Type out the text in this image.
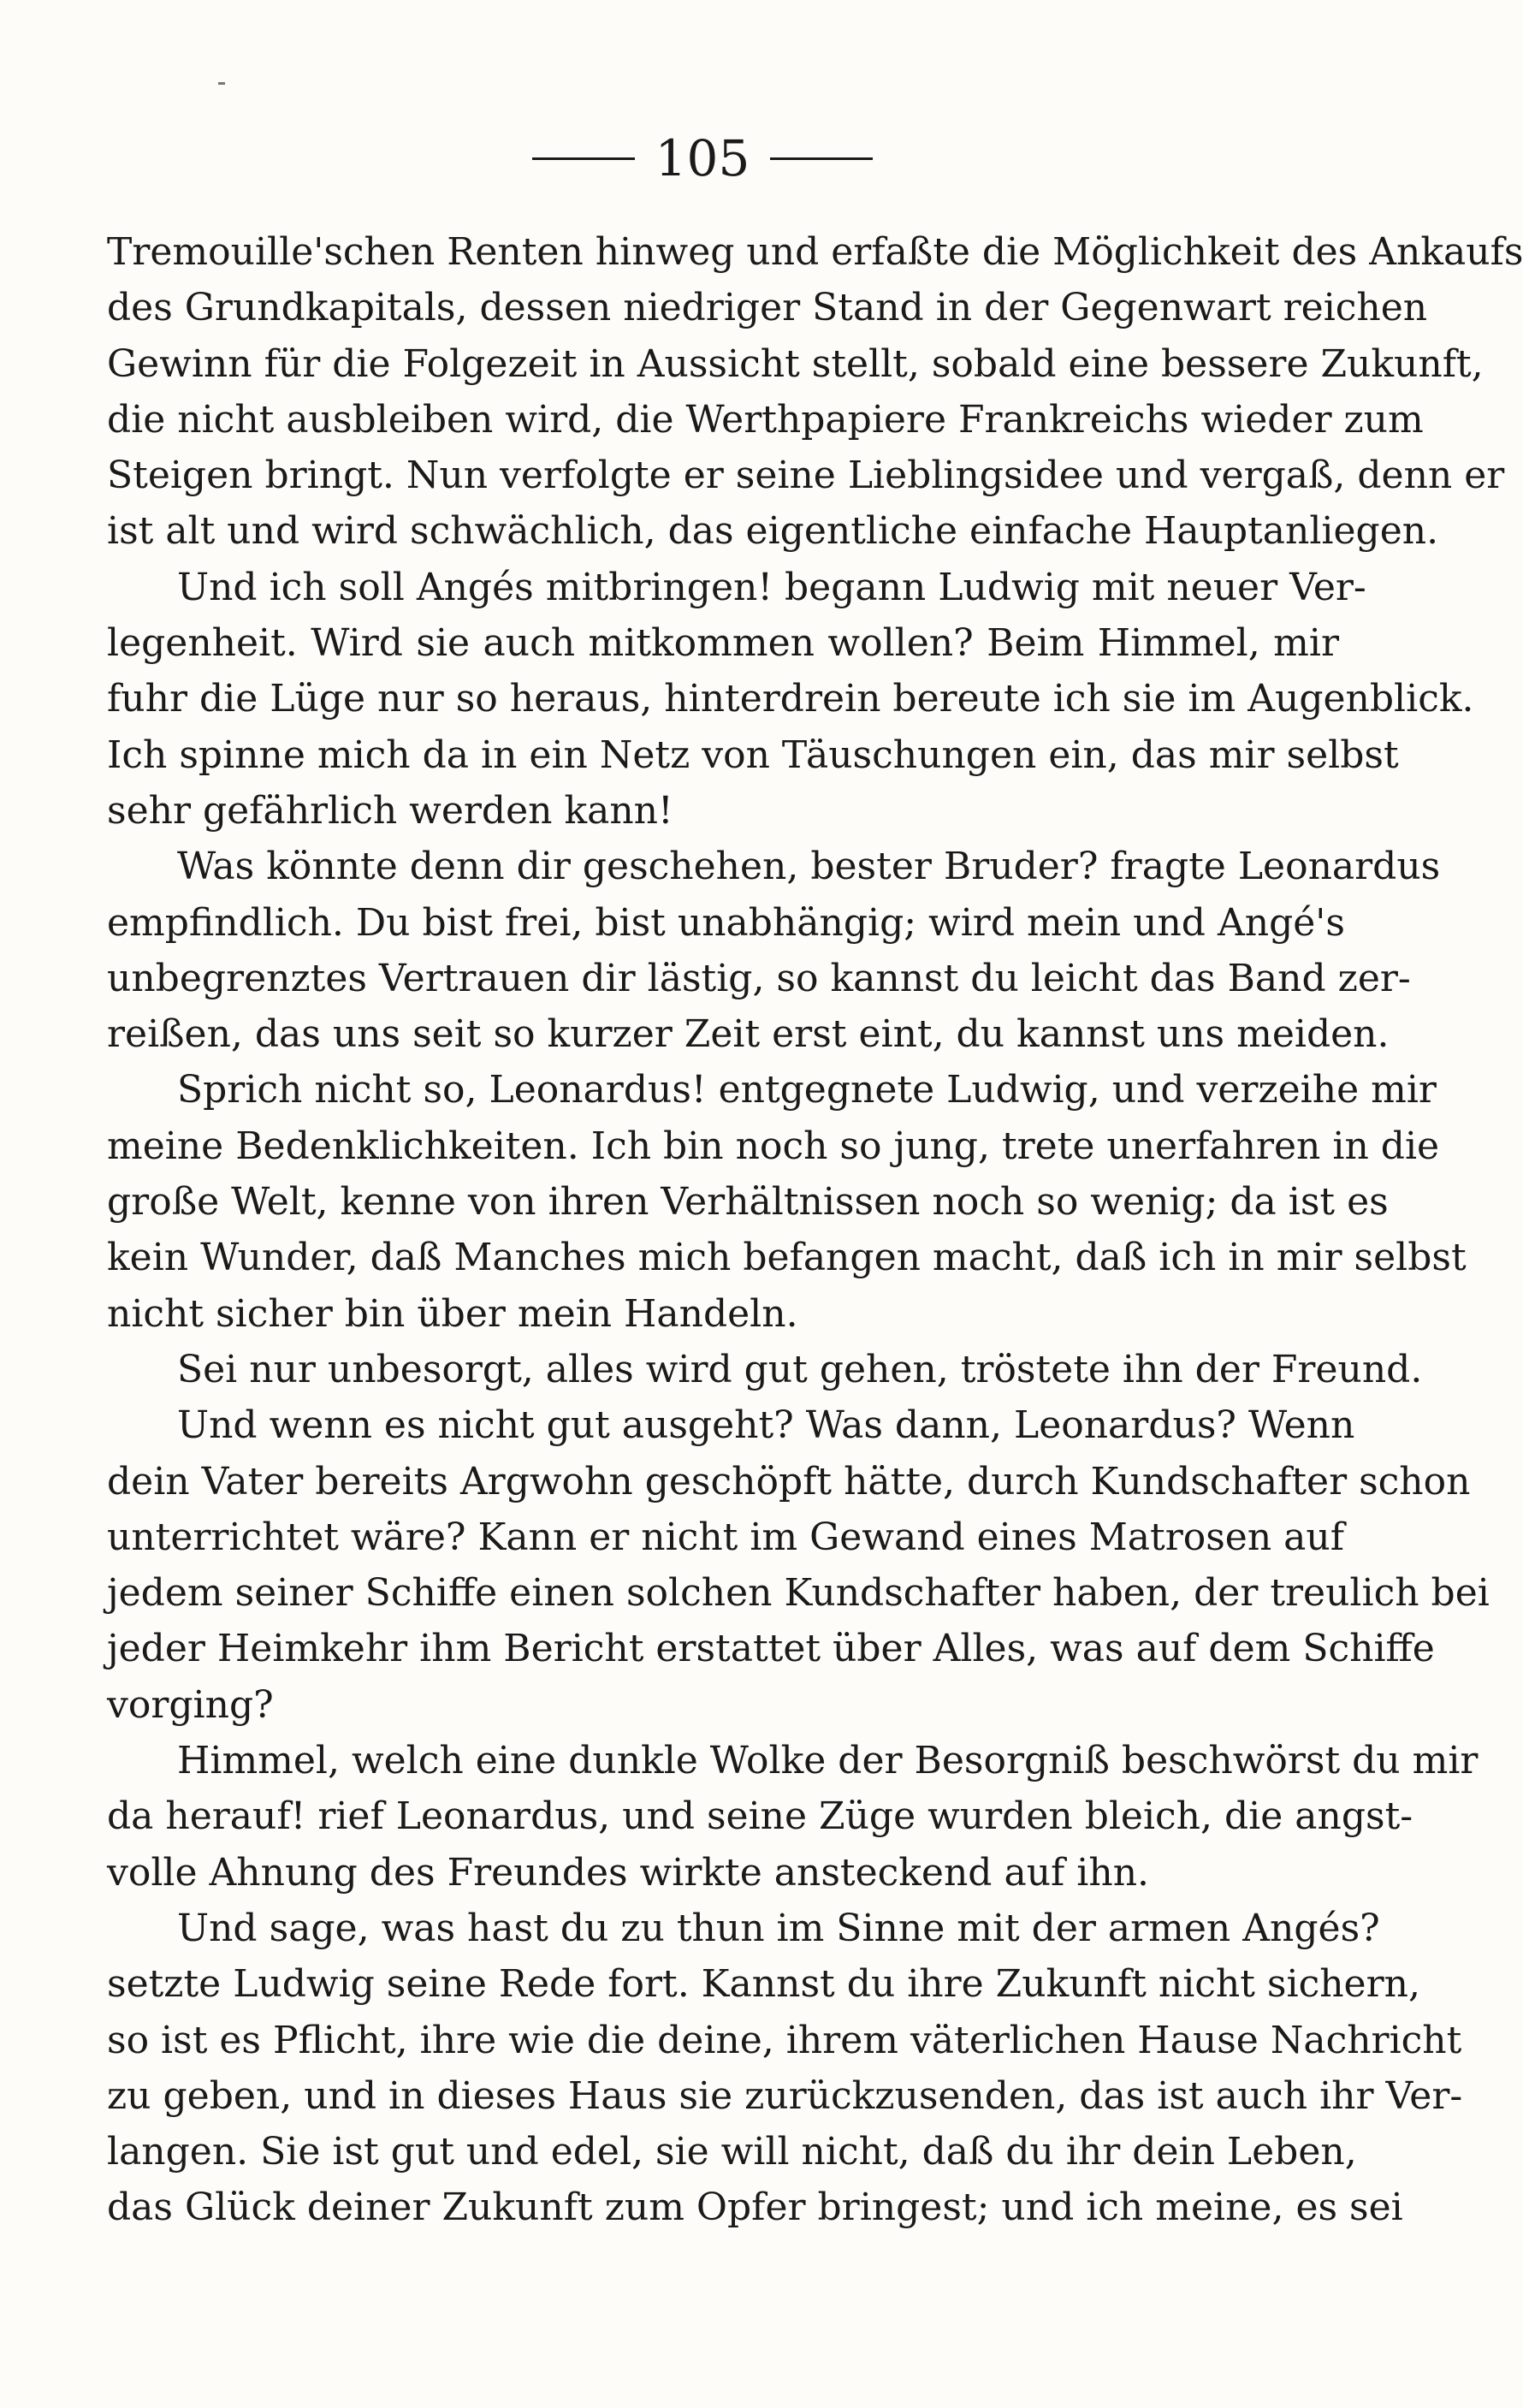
105

Tremouille'schen Renten hinweg und erfaßte die Möglichkeit des Ankaufs
des Grundkapitals, dessen niedriger Stand in der Gegenwart reichen
Gewinn für die Folgezeit in Aussicht stellt, sobald eine bessere Zukunft,
die nicht ausbleiben wird, die Werthpapiere Frankreichs wieder zum
Steigen bringt. Nun verfolgte er seine Lieblingsidee und vergaß, denn er
ist alt und wird schwächlich, das eigentliche einfache Hauptanliegen.

Und ich soll Angés mitbringen! begann Ludwig mit neuer Ver-
legenheit. Wird sie auch mitkommen wollen? Beim Himmel, mir
fuhr die Lüge nur so heraus, hinterdrein bereute ich sie im Augenblick.
Ich spinne mich da in ein Netz von Täuschungen ein, das mir selbst
sehr gefährlich werden kann!

Was könnte denn dir geschehen, bester Bruder? fragte Leonardus
empfindlich. Du bist frei, bist unabhängig; wird mein und Angé's
unbegrenztes Vertrauen dir lästig, so kannst du leicht das Band zer-
reißen, das uns seit so kurzer Zeit erst eint, du kannst uns meiden.

Sprich nicht so, Leonardus! entgegnete Ludwig, und verzeihe mir
meine Bedenklichkeiten. Ich bin noch so jung, trete unerfahren in die
große Welt, kenne von ihren Verhältnissen noch so wenig; da ist es
kein Wunder, daß Manches mich befangen macht, daß ich in mir selbst
nicht sicher bin über mein Handeln.

Sei nur unbesorgt, alles wird gut gehen, tröstete ihn der Freund.

Und wenn es nicht gut ausgeht? Was dann, Leonardus? Wenn
dein Vater bereits Argwohn geschöpft hätte, durch Kundschafter schon
unterrichtet wäre? Kann er nicht im Gewand eines Matrosen auf
jedem seiner Schiffe einen solchen Kundschafter haben, der treulich bei
jeder Heimkehr ihm Bericht erstattet über Alles, was auf dem Schiffe
vorging?

Himmel, welch eine dunkle Wolke der Besorgniß beschwörst du mir
da herauf! rief Leonardus, und seine Züge wurden bleich, die angst-
volle Ahnung des Freundes wirkte ansteckend auf ihn.

Und sage, was hast du zu thun im Sinne mit der armen Angés?
setzte Ludwig seine Rede fort. Kannst du ihre Zukunft nicht sichern,
so ist es Pflicht, ihre wie die deine, ihrem väterlichen Hause Nachricht
zu geben, und in dieses Haus sie zurückzusenden, das ist auch ihr Ver-
langen. Sie ist gut und edel, sie will nicht, daß du ihr dein Leben,
das Glück deiner Zukunft zum Opfer bringest; und ich meine, es sei
